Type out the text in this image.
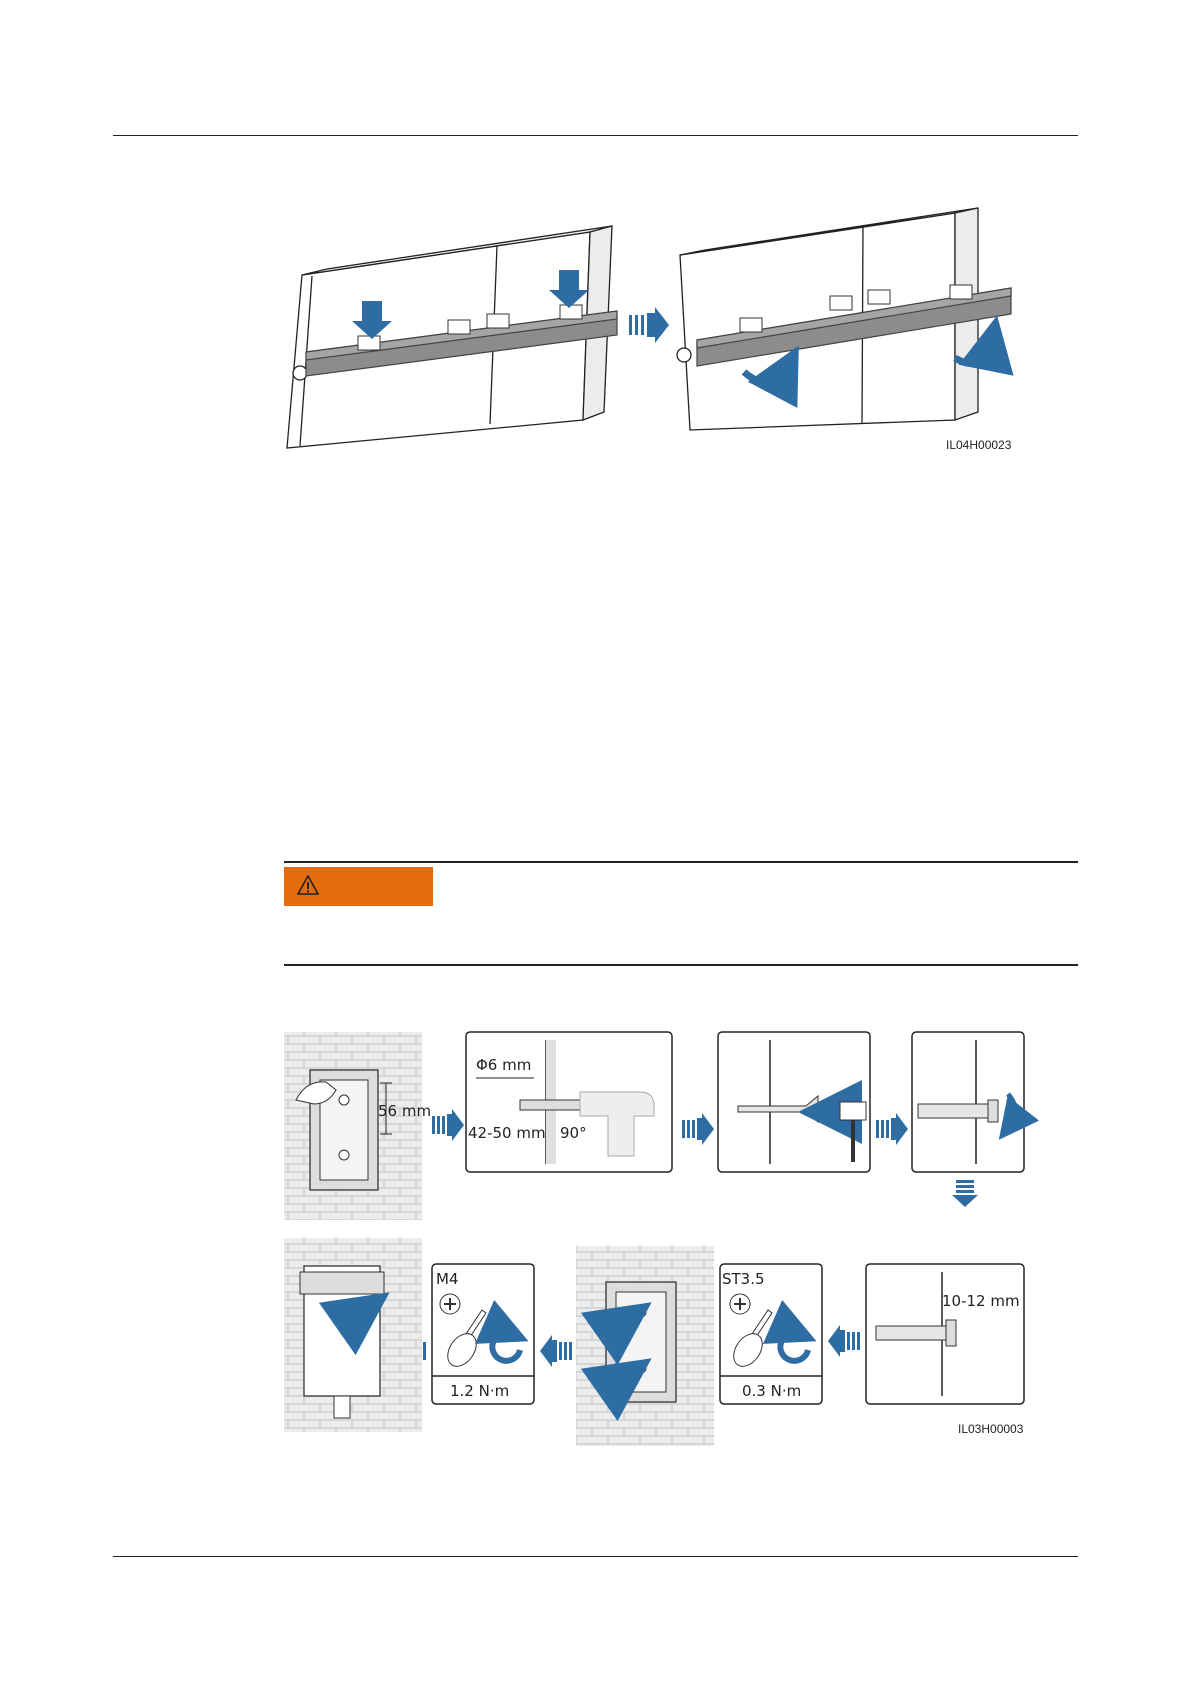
IL04H00023
56 mm
Φ6 mm
42-50 mm 90°
10-12 mm
ST3.5
0.3 N·m
M4
1.2 N·m
IL03H00003
